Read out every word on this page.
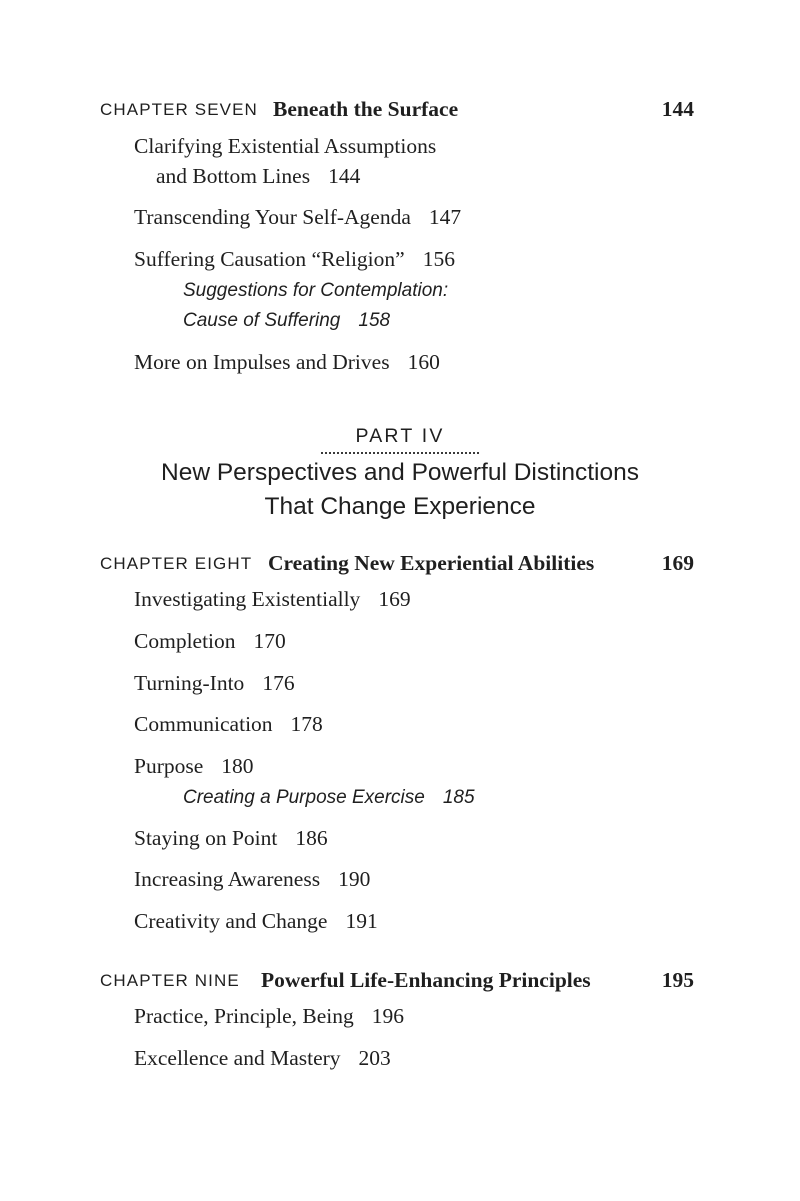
CHAPTER SEVEN Beneath the Surface	144
Clarifying Existential Assumptions
and Bottom Lines 144
Transcending Your Self-Agenda 147
Suffering Causation “Religion” 156
Suggestions for Contemplation:
Cause of Suffering 158
More on Impulses and Drives 160
PART IV
New Perspectives and Powerful Distinctions
That Change Experience
CHAPTER EIGHT Creating New Experiential Abilities	169
Investigating Existentially 169
Completion 170
Turning-Into 176
Communication 178
Purpose 180
Creating a Purpose Exercise 185
Staying on Point 186
Increasing Awareness 190
Creativity and Change 191
CHAPTER NINE Powerful Life-Enhancing Principles	195
Practice, Principle, Being 196
Excellence and Mastery 203
